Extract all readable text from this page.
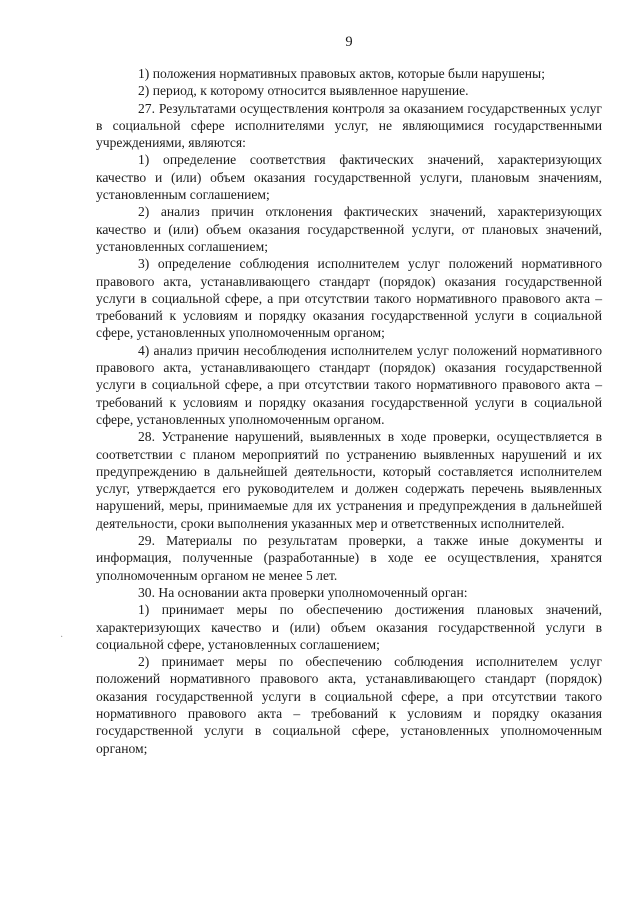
9

1) положения нормативных правовых актов, которые были нарушены;

2) период, к которому относится выявленное нарушение.

27. Результатами осуществления контроля за оказанием государственных услуг в социальной сфере исполнителями услуг, не являющимися государственными учреждениями, являются:

1) определение соответствия фактических значений, характеризующих качество и (или) объем оказания государственной услуги, плановым значениям, установленным соглашением;

2) анализ причин отклонения фактических значений, характеризующих качество и (или) объем оказания государственной услуги, от плановых значений, установленных соглашением;

3) определение соблюдения исполнителем услуг положений нормативного правового акта, устанавливающего стандарт (порядок) оказания государственной услуги в социальной сфере, а при отсутствии такого нормативного правового акта – требований к условиям и порядку оказания государственной услуги в социальной сфере, установленных уполномоченным органом;

4) анализ причин несоблюдения исполнителем услуг положений нормативного правового акта, устанавливающего стандарт (порядок) оказания государственной услуги в социальной сфере, а при отсутствии такого нормативного правового акта – требований к условиям и порядку оказания государственной услуги в социальной сфере, установленных уполномоченным органом.

28. Устранение нарушений, выявленных в ходе проверки, осуществляется в соответствии с планом мероприятий по устранению выявленных нарушений и их предупреждению в дальнейшей деятельности, который составляется исполнителем услуг, утверждается его руководителем и должен содержать перечень выявленных нарушений, меры, принимаемые для их устранения и предупреждения в дальнейшей деятельности, сроки выполнения указанных мер и ответственных исполнителей.

29. Материалы по результатам проверки, а также иные документы и информация, полученные (разработанные) в ходе ее осуществления, хранятся уполномоченным органом не менее 5 лет.

30. На основании акта проверки уполномоченный орган:

1) принимает меры по обеспечению достижения плановых значений, характеризующих качество и (или) объем оказания государственной услуги в социальной сфере, установленных соглашением;

2) принимает меры по обеспечению соблюдения исполнителем услуг положений нормативного правового акта, устанавливающего стандарт (порядок) оказания государственной услуги в социальной сфере, а при отсутствии такого нормативного правового акта – требований к условиям и порядку оказания государственной услуги в социальной сфере, установленных уполномоченным органом;

·
